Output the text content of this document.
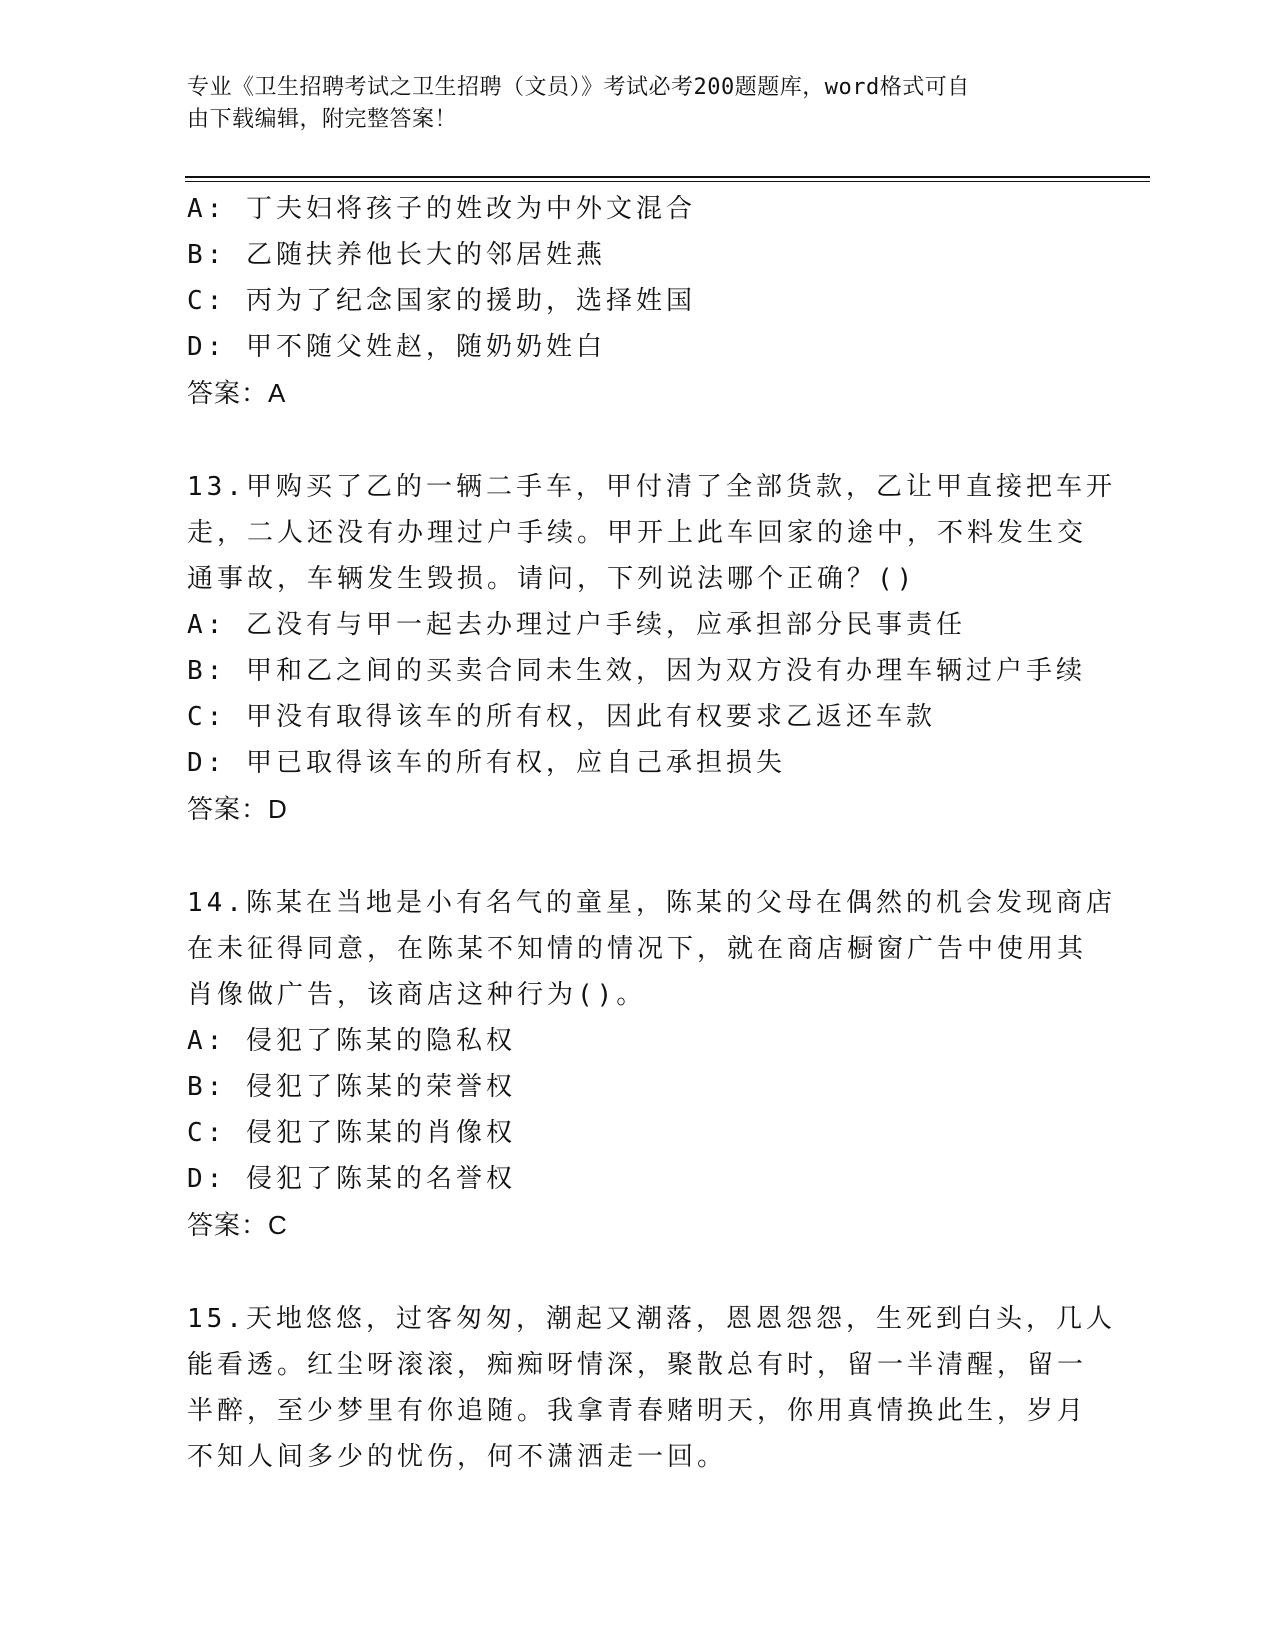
专业《卫生招聘考试之卫生招聘（文员）》考试必考200题题库，word格式可自
由下载编辑，附完整答案！
A: 丁夫妇将孩子的姓改为中外文混合
B: 乙随扶养他长大的邻居姓燕
C: 丙为了纪念国家的援助，选择姓国
D: 甲不随父姓赵，随奶奶姓白
答案：A
13.甲购买了乙的一辆二手车，甲付清了全部货款，乙让甲直接把车开
走，二人还没有办理过户手续。甲开上此车回家的途中，不料发生交
通事故，车辆发生毁损。请问，下列说法哪个正确？()
A: 乙没有与甲一起去办理过户手续，应承担部分民事责任
B: 甲和乙之间的买卖合同未生效，因为双方没有办理车辆过户手续
C: 甲没有取得该车的所有权，因此有权要求乙返还车款
D: 甲已取得该车的所有权，应自己承担损失
答案：D
14.陈某在当地是小有名气的童星，陈某的父母在偶然的机会发现商店
在未征得同意，在陈某不知情的情况下，就在商店橱窗广告中使用其
肖像做广告，该商店这种行为()。
A: 侵犯了陈某的隐私权
B: 侵犯了陈某的荣誉权
C: 侵犯了陈某的肖像权
D: 侵犯了陈某的名誉权
答案：C
15.天地悠悠，过客匆匆，潮起又潮落，恩恩怨怨，生死到白头，几人
能看透。红尘呀滚滚，痴痴呀情深，聚散总有时，留一半清醒，留一
半醉，至少梦里有你追随。我拿青春赌明天，你用真情换此生，岁月
不知人间多少的忧伤，何不潇洒走一回。
